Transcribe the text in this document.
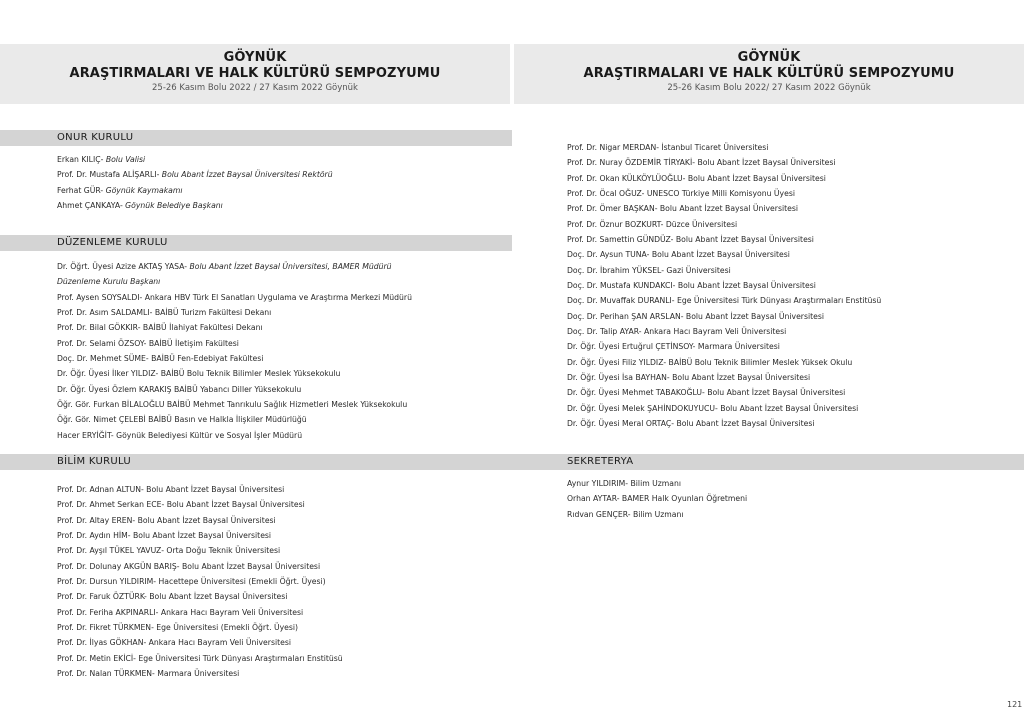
GÖYNÜK
ARAŞTIRMALARI VE HALK KÜLTÜRÜ SEMPOZYUMU
25-26 Kasım Bolu 2022 / 27 Kasım 2022 Göynük
GÖYNÜK
ARAŞTIRMALARI VE HALK KÜLTÜRÜ SEMPOZYUMU
25-26 Kasım Bolu 2022/ 27 Kasım 2022 Göynük
ONUR KURULU
Erkan KILIÇ- Bolu Valisi
Prof. Dr. Mustafa ALİŞARLI- Bolu Abant İzzet Baysal Üniversitesi Rektörü
Ferhat GÜR- Göynük Kaymakamı
Ahmet ÇANKAYA- Göynük Belediye Başkanı
DÜZENLEME KURULU
Dr. Öğrt. Üyesi Azize AKTAŞ YASA- Bolu Abant İzzet Baysal Üniversitesi, BAMER Müdürü
Düzenleme Kurulu Başkanı
Prof. Aysen SOYSALDI- Ankara HBV Türk El Sanatları Uygulama ve Araştırma Merkezi Müdürü
Prof. Dr. Asım SALDAMLI- BAİBÜ Turizm Fakültesi Dekanı
Prof. Dr. Bilal GÖKKIR- BAİBÜ İlahiyat Fakültesi Dekanı
Prof. Dr. Selami ÖZSOY- BAİBÜ İletişim Fakültesi
Doç. Dr. Mehmet SÜME- BAİBÜ Fen-Edebiyat Fakültesi
Dr. Öğr. Üyesi İlker YILDIZ- BAİBÜ Bolu Teknik Bilimler Meslek Yüksekokulu
Dr. Öğr. Üyesi Özlem KARAKIŞ BAİBÜ Yabancı Diller Yüksekokulu
Öğr. Gör. Furkan BİLALOĞLU BAİBÜ Mehmet Tanrıkulu Sağlık Hizmetleri Meslek Yüksekokulu
Öğr. Gör. Nimet ÇELEBİ BAİBÜ Basın ve Halkla İlişkiler Müdürlüğü
Hacer ERYİĞİT- Göynük Belediyesi Kültür ve Sosyal İşler Müdürü
BİLİM KURULU
Prof. Dr. Adnan ALTUN- Bolu Abant İzzet Baysal Üniversitesi
Prof. Dr. Ahmet Serkan ECE- Bolu Abant İzzet Baysal Üniversitesi
Prof. Dr. Altay EREN- Bolu Abant İzzet Baysal Üniversitesi
Prof. Dr. Aydın HİM- Bolu Abant İzzet Baysal Üniversitesi
Prof. Dr. Ayşıl TÜKEL YAVUZ- Orta Doğu Teknik Üniversitesi
Prof. Dr. Dolunay AKGÜN BARIŞ- Bolu Abant İzzet Baysal Üniversitesi
Prof. Dr. Dursun YILDIRIM- Hacettepe Üniversitesi (Emekli Öğrt. Üyesi)
Prof. Dr. Faruk ÖZTÜRK- Bolu Abant İzzet Baysal Üniversitesi
Prof. Dr. Feriha AKPINARLI- Ankara Hacı Bayram Veli Üniversitesi
Prof. Dr. Fikret TÜRKMEN- Ege Üniversitesi (Emekli Öğrt. Üyesi)
Prof. Dr. İlyas GÖKHAN- Ankara Hacı Bayram Veli Üniversitesi
Prof. Dr. Metin EKİCİ- Ege Üniversitesi Türk Dünyası Araştırmaları Enstitüsü
Prof. Dr. Nalan TÜRKMEN- Marmara Üniversitesi
Prof. Dr. Nigar MERDAN- İstanbul Ticaret Üniversitesi
Prof. Dr. Nuray ÖZDEMİR TİRYAKİ- Bolu Abant İzzet Baysal Üniversitesi
Prof. Dr. Okan KÜLKÖYLÜOĞLU- Bolu Abant İzzet Baysal Üniversitesi
Prof. Dr. Öcal OĞUZ- UNESCO Türkiye Milli Komisyonu Üyesi
Prof. Dr. Ömer BAŞKAN- Bolu Abant İzzet Baysal Üniversitesi
Prof. Dr. Öznur BOZKURT- Düzce Üniversitesi
Prof. Dr. Samettin GÜNDÜZ- Bolu Abant İzzet Baysal Üniversitesi
Doç. Dr. Aysun TUNA- Bolu Abant İzzet Baysal Üniversitesi
Doç. Dr. İbrahim YÜKSEL- Gazi Üniversitesi
Doç. Dr. Mustafa KUNDAKCI- Bolu Abant İzzet Baysal Üniversitesi
Doç. Dr. Muvaffak DURANLI- Ege Üniversitesi Türk Dünyası Araştırmaları Enstitüsü
Doç. Dr. Perihan ŞAN ARSLAN- Bolu Abant İzzet Baysal Üniversitesi
Doç. Dr. Talip AYAR- Ankara Hacı Bayram Veli Üniversitesi
Dr. Öğr. Üyesi Ertuğrul ÇETİNSOY- Marmara Üniversitesi
Dr. Öğr. Üyesi Filiz YILDIZ- BAİBÜ Bolu Teknik Bilimler Meslek Yüksek Okulu
Dr. Öğr. Üyesi İsa BAYHAN- Bolu Abant İzzet Baysal Üniversitesi
Dr. Öğr. Üyesi Mehmet TABAKOĞLU- Bolu Abant İzzet Baysal Üniversitesi
Dr. Öğr. Üyesi Melek ŞAHİNDOKUYUCU- Bolu Abant İzzet Baysal Üniversitesi
Dr. Öğr. Üyesi Meral ORTAÇ- Bolu Abant İzzet Baysal Üniversitesi
SEKRETERYA
Aynur YILDIRIM- Bilim Uzmanı
Orhan AYTAR- BAMER Halk Oyunları Öğretmeni
Rıdvan GENÇER- Bilim Uzmanı
121
